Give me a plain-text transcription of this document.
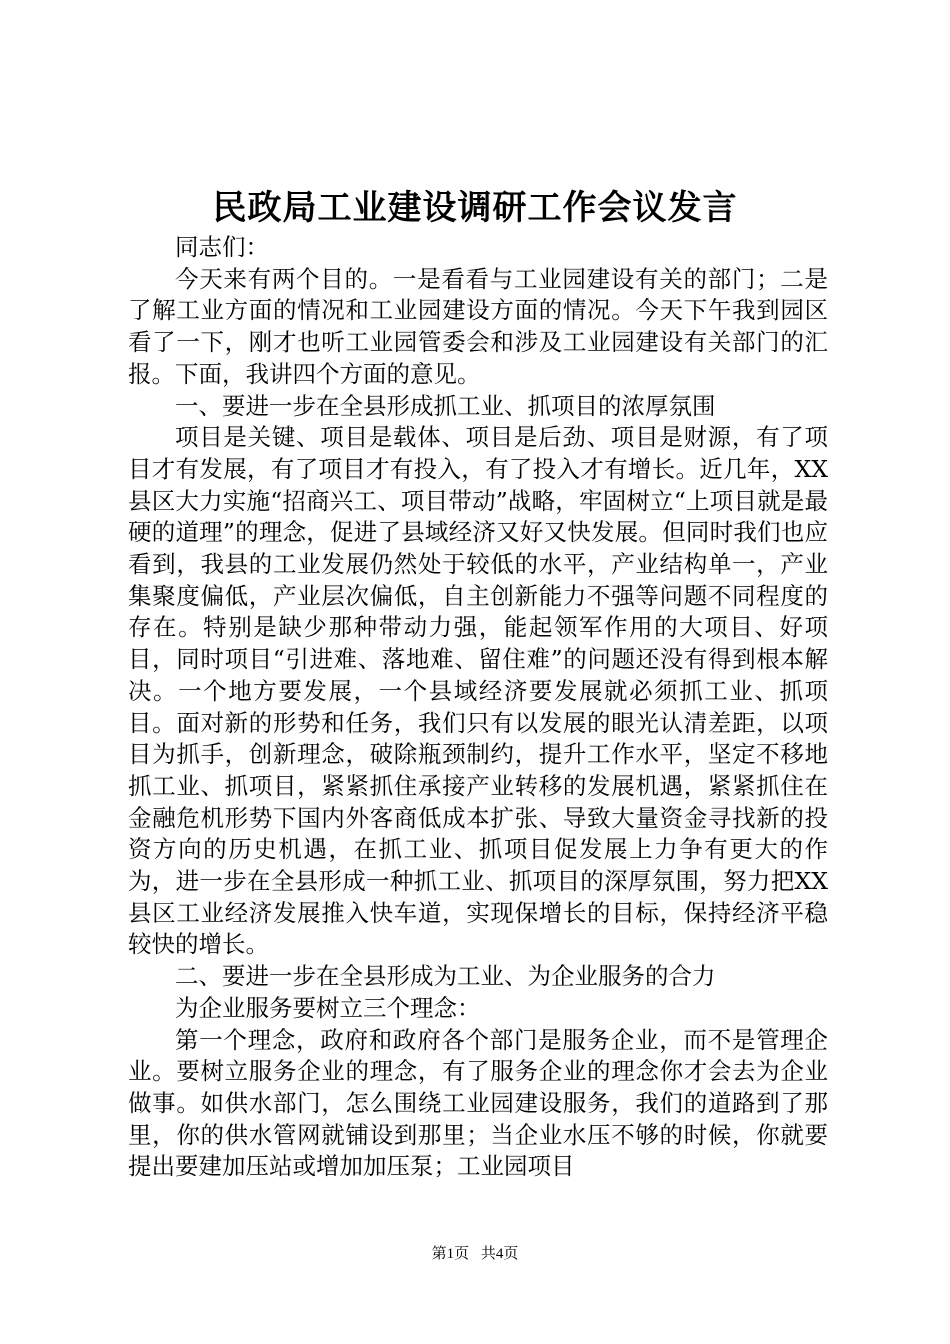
民政局工业建设调研工作会议发言

同志们：

今天来有两个目的。一是看看与工业园建设有关的部门；二是了解工业方面的情况和工业园建设方面的情况。今天下午我到园区看了一下，刚才也听工业园管委会和涉及工业园建设有关部门的汇报。下面，我讲四个方面的意见。

一、要进一步在全县形成抓工业、抓项目的浓厚氛围

项目是关键、项目是载体、项目是后劲、项目是财源，有了项目才有发展，有了项目才有投入，有了投入才有增长。近几年，XX县区大力实施“招商兴工、项目带动”战略，牢固树立“上项目就是最硬的道理”的理念，促进了县域经济又好又快发展。但同时我们也应看到，我县的工业发展仍然处于较低的水平，产业结构单一，产业集聚度偏低，产业层次偏低，自主创新能力不强等问题不同程度的存在。特别是缺少那种带动力强，能起领军作用的大项目、好项目，同时项目“引进难、落地难、留住难”的问题还没有得到根本解决。一个地方要发展，一个县域经济要发展就必须抓工业、抓项目。面对新的形势和任务，我们只有以发展的眼光认清差距，以项目为抓手，创新理念，破除瓶颈制约，提升工作水平，坚定不移地抓工业、抓项目，紧紧抓住承接产业转移的发展机遇，紧紧抓住在金融危机形势下国内外客商低成本扩张、导致大量资金寻找新的投资方向的历史机遇，在抓工业、抓项目促发展上力争有更大的作为，进一步在全县形成一种抓工业、抓项目的深厚氛围，努力把XX县区工业经济发展推入快车道，实现保增长的目标，保持经济平稳较快的增长。

二、要进一步在全县形成为工业、为企业服务的合力

为企业服务要树立三个理念：

第一个理念，政府和政府各个部门是服务企业，而不是管理企业。要树立服务企业的理念，有了服务企业的理念你才会去为企业做事。如供水部门，怎么围绕工业园建设服务，我们的道路到了那里，你的供水管网就铺设到那里；当企业水压不够的时候，你就要提出要建加压站或增加加压泵；工业园项目

第1页 共4页
